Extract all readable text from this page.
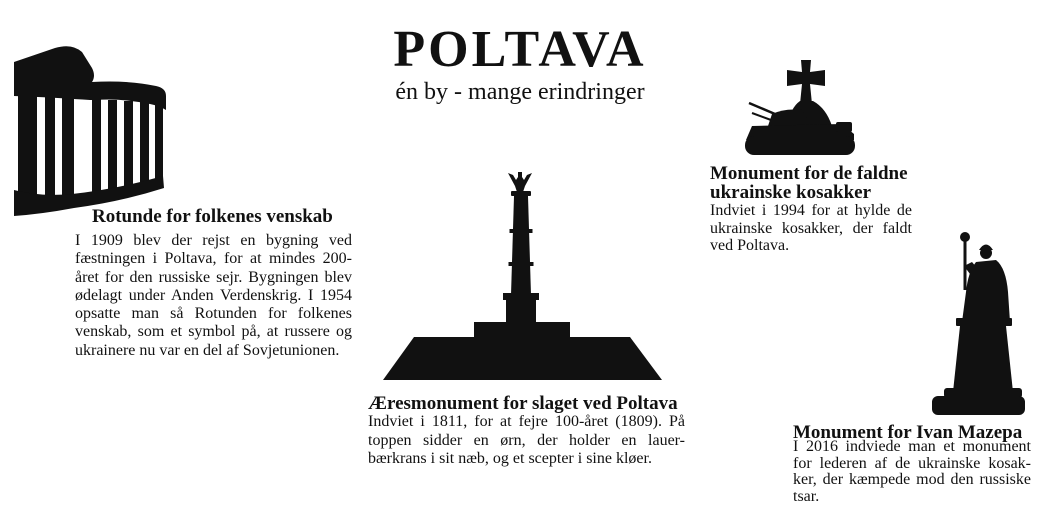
POLTAVA
én by - mange erindringer
Rotunde for folkenes venskab
I 1909 blev der rejst en bygning ved
fæstningen i Poltava, for at mindes 200-
året for den russiske sejr. Bygningen blev
ødelagt under Anden Verdenskrig. I 1954
opsatte man så Rotunden for folkenes
venskab, som et symbol på, at russere og
ukrainere nu var en del af Sovjetunionen.
Æresmonument for slaget ved Poltava
Indviet i 1811, for at fejre 100-året (1809). På
toppen sidder en ørn, der holder en lauer-
bærkrans i sit næb, og et scepter i sine kløer.
Monument for de faldne
ukrainske kosakker
Indviet i 1994 for at hylde de
ukrainske kosakker, der faldt
ved Poltava.
Monument for Ivan Mazepa
I 2016 indviede man et monument
for lederen af de ukrainske kosak-
ker, der kæmpede mod den russiske
tsar.
